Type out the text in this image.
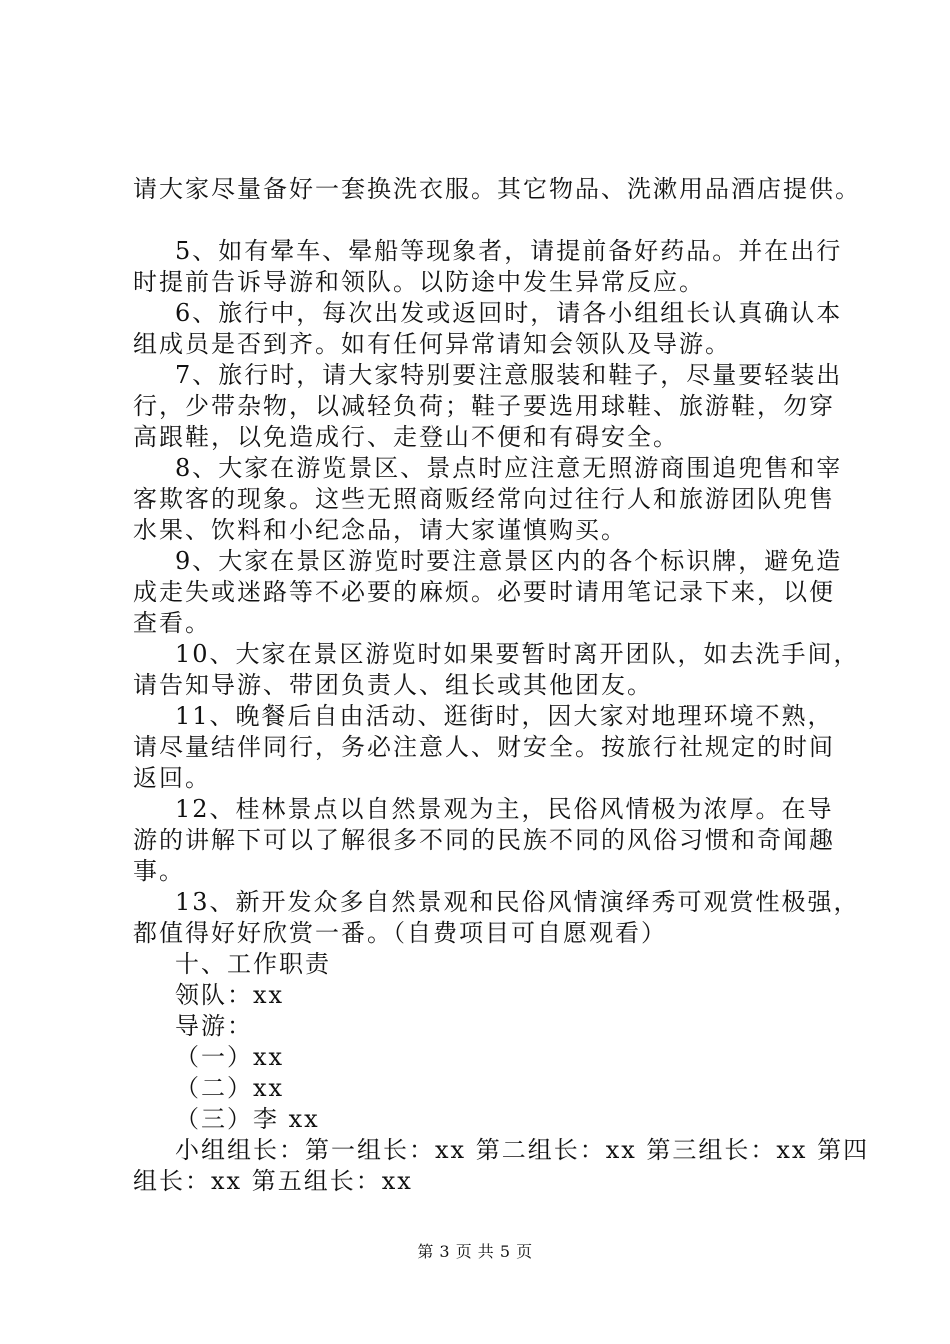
请大家尽量备好一套换洗衣服。其它物品、洗漱用品酒店提供。
5、如有晕车、晕船等现象者，请提前备好药品。并在出行
时提前告诉导游和领队。以防途中发生异常反应。
6、旅行中，每次出发或返回时，请各小组组长认真确认本
组成员是否到齐。如有任何异常请知会领队及导游。
7、旅行时，请大家特别要注意服装和鞋子，尽量要轻装出
行，少带杂物，以减轻负荷；鞋子要选用球鞋、旅游鞋，勿穿
高跟鞋，以免造成行、走登山不便和有碍安全。
8、大家在游览景区、景点时应注意无照游商围追兜售和宰
客欺客的现象。这些无照商贩经常向过往行人和旅游团队兜售
水果、饮料和小纪念品，请大家谨慎购买。
9、大家在景区游览时要注意景区内的各个标识牌，避免造
成走失或迷路等不必要的麻烦。必要时请用笔记录下来，以便
查看。
10、大家在景区游览时如果要暂时离开团队，如去洗手间，
请告知导游、带团负责人、组长或其他团友。
11、晚餐后自由活动、逛街时，因大家对地理环境不熟，
请尽量结伴同行，务必注意人、财安全。按旅行社规定的时间
返回。
12、桂林景点以自然景观为主，民俗风情极为浓厚。在导
游的讲解下可以了解很多不同的民族不同的风俗习惯和奇闻趣
事。
13、新开发众多自然景观和民俗风情演绎秀可观赏性极强，
都值得好好欣赏一番。（自费项目可自愿观看）
十、工作职责
领队：xx
导游：
（一）xx
（二）xx
（三）李 xx
小组组长：第一组长：xx 第二组长：xx 第三组长：xx 第四
组长：xx 第五组长：xx
第 3 页 共 5 页
